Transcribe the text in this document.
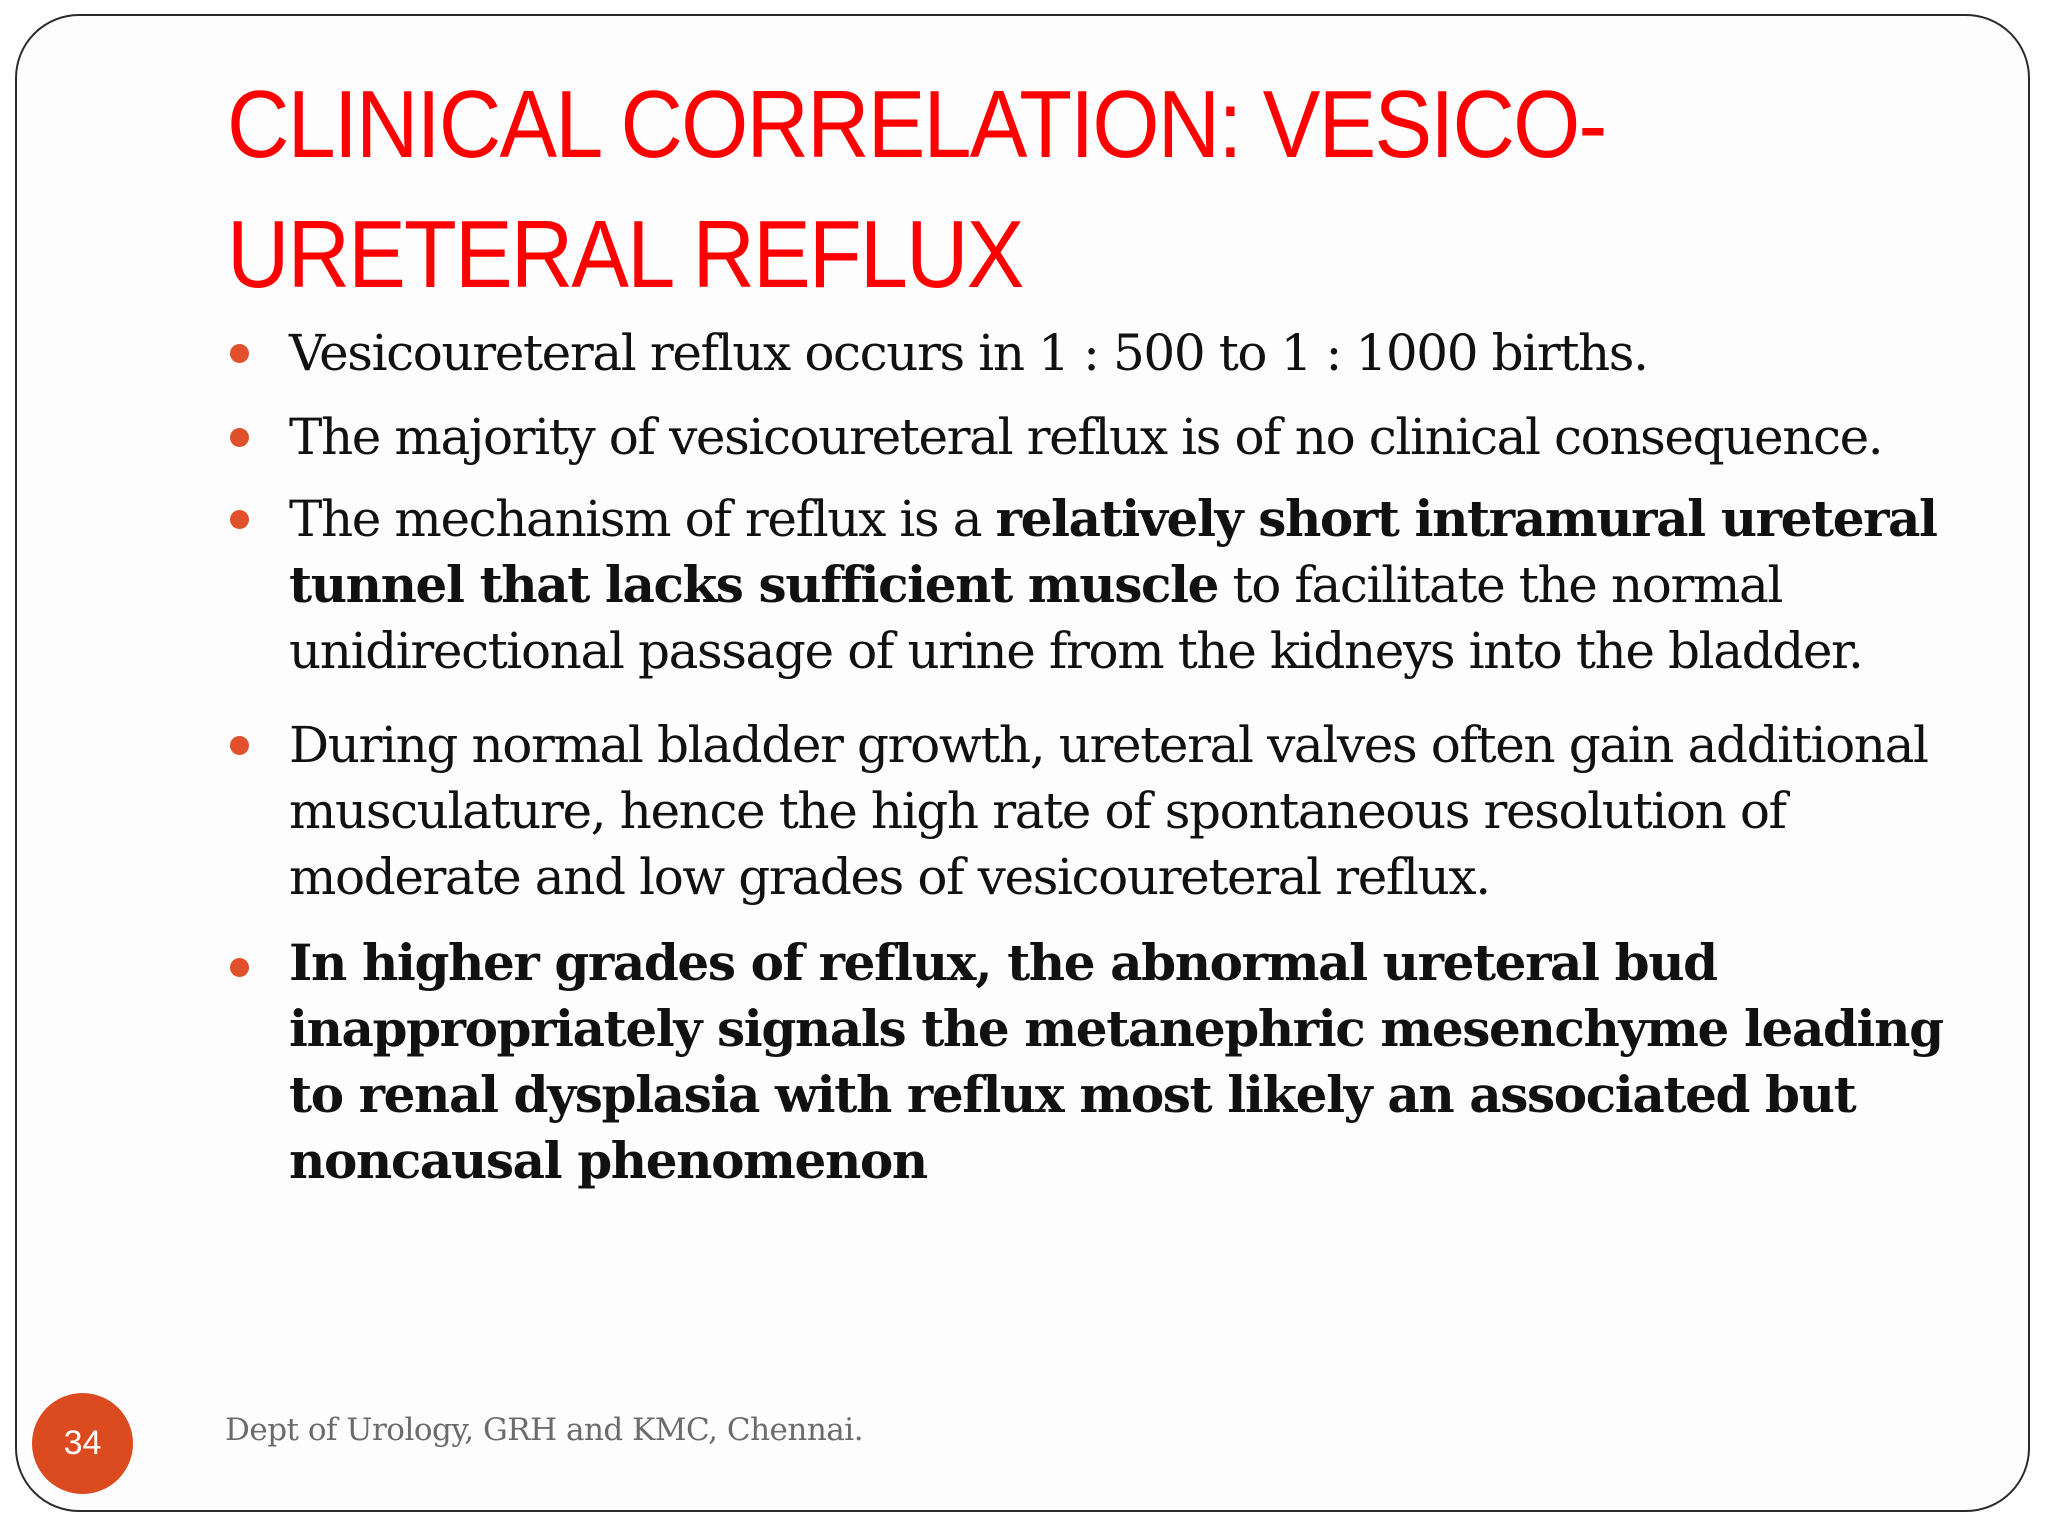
CLINICAL CORRELATION: VESICO-URETERAL REFLUX
Vesicoureteral reflux occurs in 1 : 500 to 1 : 1000 births.
The majority of vesicoureteral reflux is of no clinical consequence.
The mechanism of reflux is a relatively short intramural ureteral tunnel that lacks sufficient muscle to facilitate the normal unidirectional passage of urine from the kidneys into the bladder.
During normal bladder growth, ureteral valves often gain additional musculature, hence the high rate of spontaneous resolution of moderate and low grades of vesicoureteral reflux.
In higher grades of reflux, the abnormal ureteral bud inappropriately signals the metanephric mesenchyme leading to renal dysplasia with reflux most likely an associated but noncausal phenomenon
34	Dept of Urology, GRH and KMC, Chennai.
